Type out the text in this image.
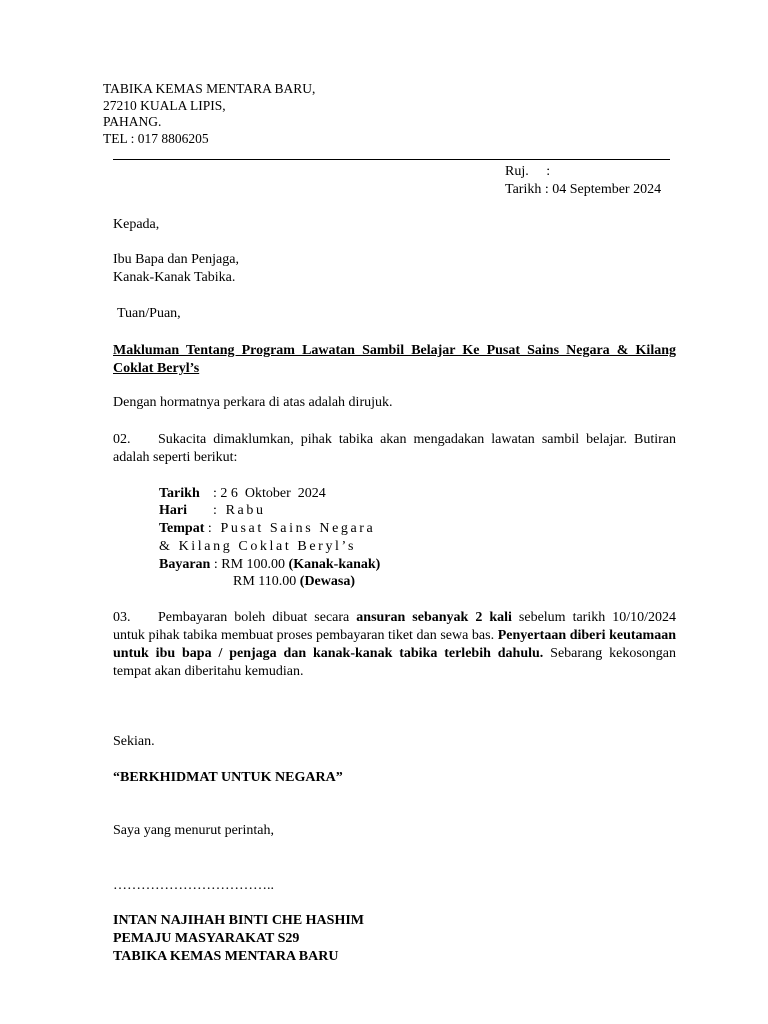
TABIKA KEMAS MENTARA BARU,
27210 KUALA LIPIS,
PAHANG.
TEL : 017 8806205
Ruj.     :
Tarikh : 04 September 2024
Kepada,
Ibu Bapa dan Penjaga,
Kanak-Kanak Tabika.
Tuan/Puan,
Makluman Tentang Program Lawatan Sambil Belajar Ke Pusat Sains Negara & Kilang Coklat Beryl’s
Dengan hormatnya perkara di atas adalah dirujuk.
02. Sukacita dimaklumkan, pihak tabika akan mengadakan lawatan sambil belajar. Butiran adalah seperti berikut:
Tarikh : 2 6  Oktober  2024
Hari : Rabu
Tempat : Pusat Sains Negara
& Kilang Coklat Beryl’s
Bayaran : RM 100.00 (Kanak-kanak)
RM 110.00 (Dewasa)
03. Pembayaran boleh dibuat secara ansuran sebanyak 2 kali sebelum tarikh 10/10/2024 untuk pihak tabika membuat proses pembayaran tiket dan sewa bas. Penyertaan diberi keutamaan untuk ibu bapa / penjaga dan kanak-kanak tabika terlebih dahulu. Sebarang kekosongan tempat akan diberitahu kemudian.
Sekian.
“BERKHIDMAT UNTUK NEGARA”
Saya yang menurut perintah,
……………………………..
INTAN NAJIHAH BINTI CHE HASHIM
PEMAJU MASYARAKAT S29
TABIKA KEMAS MENTARA BARU
